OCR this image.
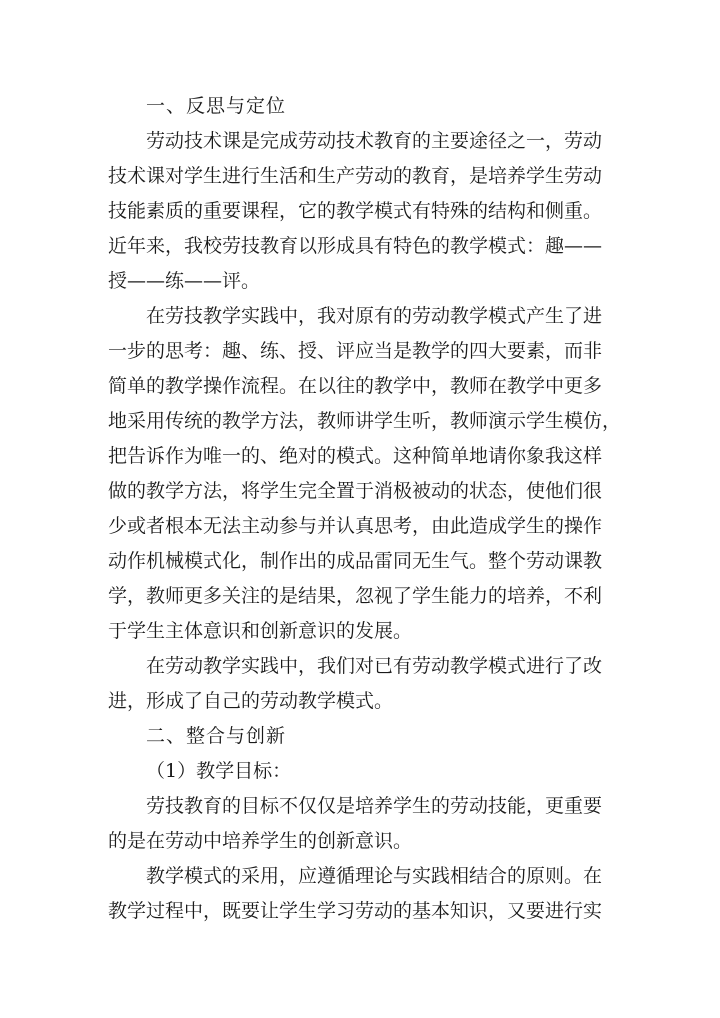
一、反思与定位
劳动技术课是完成劳动技术教育的主要途径之一，劳动
技术课对学生进行生活和生产劳动的教育，是培养学生劳动
技能素质的重要课程，它的教学模式有特殊的结构和侧重。
近年来，我校劳技教育以形成具有特色的教学模式：趣——
授——练——评。
在劳技教学实践中，我对原有的劳动教学模式产生了进
一步的思考：趣、练、授、评应当是教学的四大要素，而非
简单的教学操作流程。在以往的教学中，教师在教学中更多
地采用传统的教学方法，教师讲学生听，教师演示学生模仿，
把告诉作为唯一的、绝对的模式。这种简单地请你象我这样
做的教学方法，将学生完全置于消极被动的状态，使他们很
少或者根本无法主动参与并认真思考，由此造成学生的操作
动作机械模式化，制作出的成品雷同无生气。整个劳动课教
学，教师更多关注的是结果，忽视了学生能力的培养，不利
于学生主体意识和创新意识的发展。
在劳动教学实践中，我们对已有劳动教学模式进行了改
进，形成了自己的劳动教学模式。
二、整合与创新
（1）教学目标：
劳技教育的目标不仅仅是培养学生的劳动技能，更重要
的是在劳动中培养学生的创新意识。
教学模式的采用，应遵循理论与实践相结合的原则。在
教学过程中，既要让学生学习劳动的基本知识，又要进行实
